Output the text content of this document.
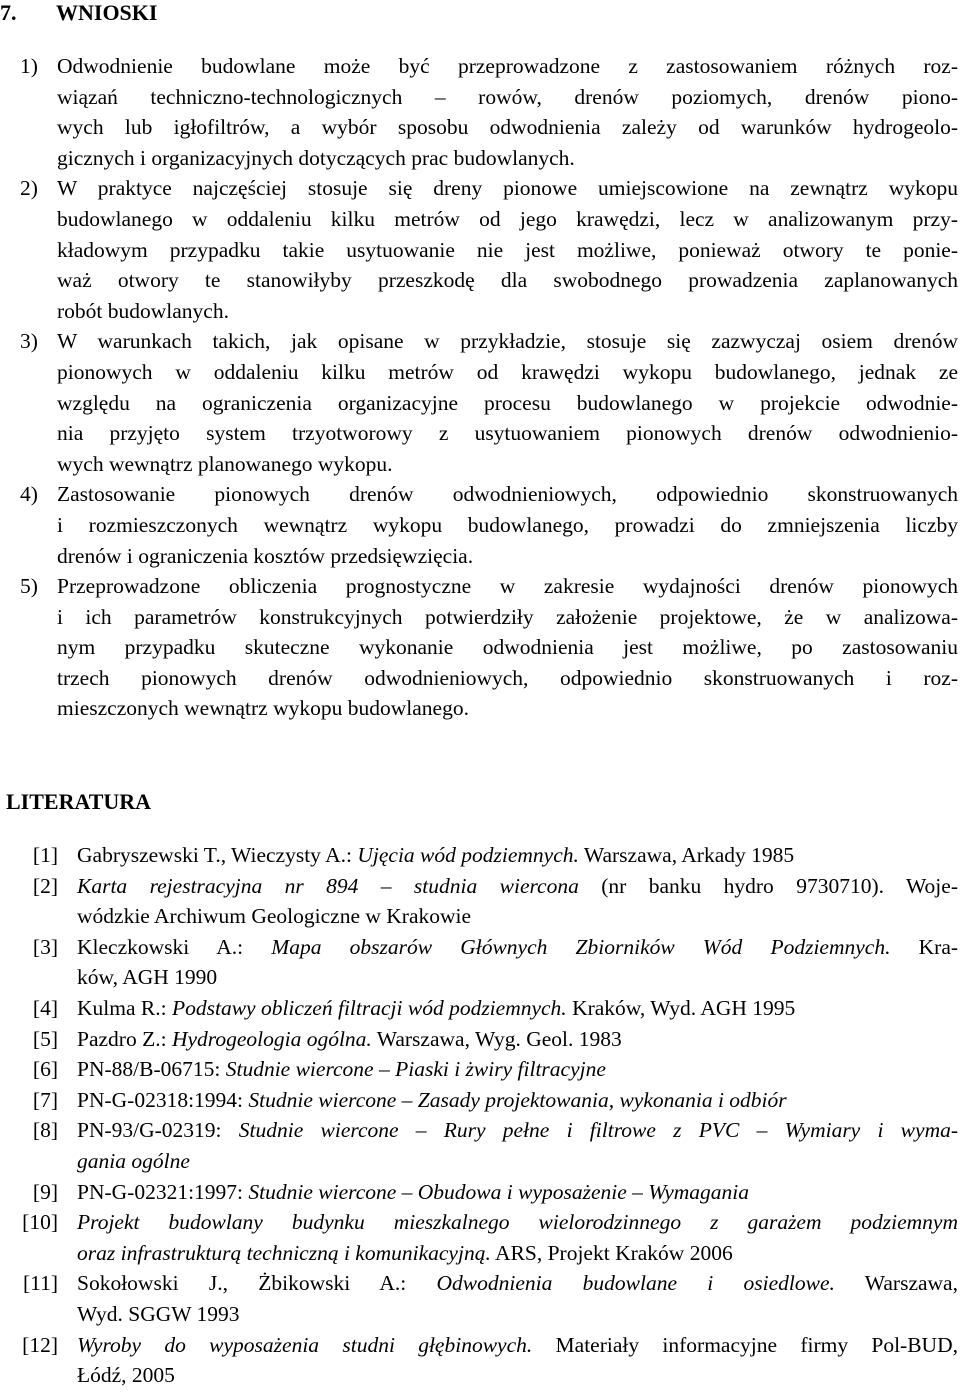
7. WNIOSKI
1) Odwodnienie budowlane może być przeprowadzone z zastosowaniem różnych roz-
wiązań techniczno-technologicznych – rowów, drenów poziomych, drenów piono-
wych lub igłofiltrów, a wybór sposobu odwodnienia zależy od warunków hydrogeolo-
gicznych i organizacyjnych dotyczących prac budowlanych.
2) W praktyce najczęściej stosuje się dreny pionowe umiejscowione na zewnątrz wykopu
budowlanego w oddaleniu kilku metrów od jego krawędzi, lecz w analizowanym przy-
kładowym przypadku takie usytuowanie nie jest możliwe, ponieważ otwory te ponie-
waż otwory te stanowiłyby przeszkodę dla swobodnego prowadzenia zaplanowanych
robót budowlanych.
3) W warunkach takich, jak opisane w przykładzie, stosuje się zazwyczaj osiem drenów
pionowych w oddaleniu kilku metrów od krawędzi wykopu budowlanego, jednak ze
względu na ograniczenia organizacyjne procesu budowlanego w projekcie odwodnie-
nia przyjęto system trzyotworowy z usytuowaniem pionowych drenów odwodnienio-
wych wewnątrz planowanego wykopu.
4) Zastosowanie pionowych drenów odwodnieniowych, odpowiednio skonstruowanych
i rozmieszczonych wewnątrz wykopu budowlanego, prowadzi do zmniejszenia liczby
drenów i ograniczenia kosztów przedsięwzięcia.
5) Przeprowadzone obliczenia prognostyczne w zakresie wydajności drenów pionowych
i ich parametrów konstrukcyjnych potwierdziły założenie projektowe, że w analizowa-
nym przypadku skuteczne wykonanie odwodnienia jest możliwe, po zastosowaniu
trzech pionowych drenów odwodnieniowych, odpowiednio skonstruowanych i roz-
mieszczonych wewnątrz wykopu budowlanego.
LITERATURA
[1] Gabryszewski T., Wieczysty A.: Ujęcia wód podziemnych. Warszawa, Arkady 1985
[2] Karta rejestracyjna nr 894 – studnia wiercona (nr banku hydro 9730710). Woje-
wódzkie Archiwum Geologiczne w Krakowie
[3] Kleczkowski A.: Mapa obszarów Głównych Zbiorników Wód Podziemnych. Kra-
ków, AGH 1990
[4] Kulma R.: Podstawy obliczeń filtracji wód podziemnych. Kraków, Wyd. AGH 1995
[5] Pazdro Z.: Hydrogeologia ogólna. Warszawa, Wyg. Geol. 1983
[6] PN-88/B-06715: Studnie wiercone – Piaski i żwiry filtracyjne
[7] PN-G-02318:1994: Studnie wiercone – Zasady projektowania, wykonania i odbiór
[8] PN-93/G-02319: Studnie wiercone – Rury pełne i filtrowe z PVC – Wymiary i wyma-
gania ogólne
[9] PN-G-02321:1997: Studnie wiercone – Obudowa i wyposażenie – Wymagania
[10] Projekt budowlany budynku mieszkalnego wielorodzinnego z garażem podziemnym
oraz infrastrukturą techniczną i komunikacyjną. ARS, Projekt Kraków 2006
[11] Sokołowski J., Żbikowski A.: Odwodnienia budowlane i osiedlowe. Warszawa,
Wyd. SGGW 1993
[12] Wyroby do wyposażenia studni głębinowych. Materiały informacyjne firmy Pol-BUD,
Łódź, 2005
